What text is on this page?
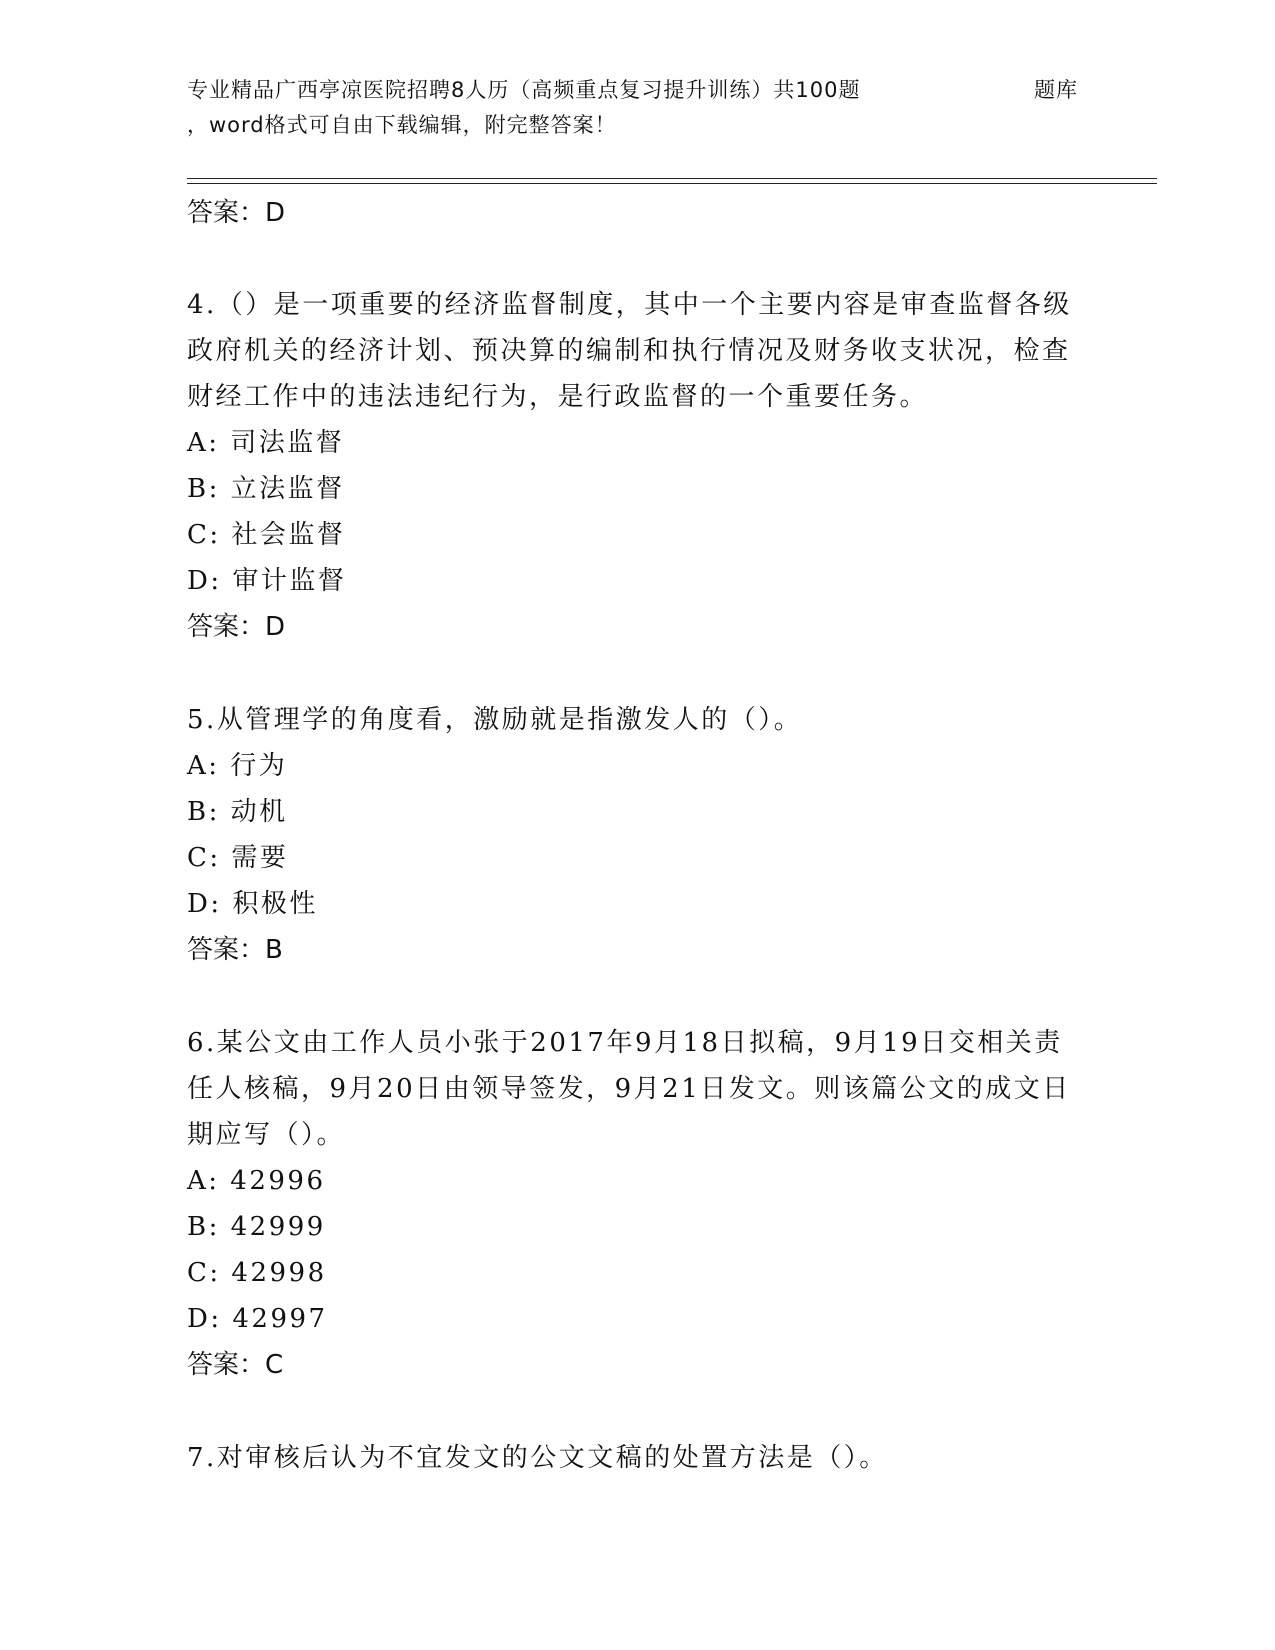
专业精品广西亭凉医院招聘8人历（高频重点复习提升训练）共100题	题库
，word格式可自由下载编辑，附完整答案！
答案：D
4.（）是一项重要的经济监督制度，其中一个主要内容是审查监督各级政府机关的经济计划、预决算的编制和执行情况及财务收支状况，检查财经工作中的违法违纪行为，是行政监督的一个重要任务。
A: 司法监督
B: 立法监督
C: 社会监督
D: 审计监督
答案：D
5.从管理学的角度看，激励就是指激发人的（）。
A: 行为
B: 动机
C: 需要
D: 积极性
答案：B
6.某公文由工作人员小张于2017年9月18日拟稿，9月19日交相关责任人核稿，9月20日由领导签发，9月21日发文。则该篇公文的成文日期应写（）。
A: 42996
B: 42999
C: 42998
D: 42997
答案：C
7.对审核后认为不宜发文的公文文稿的处置方法是（）。
